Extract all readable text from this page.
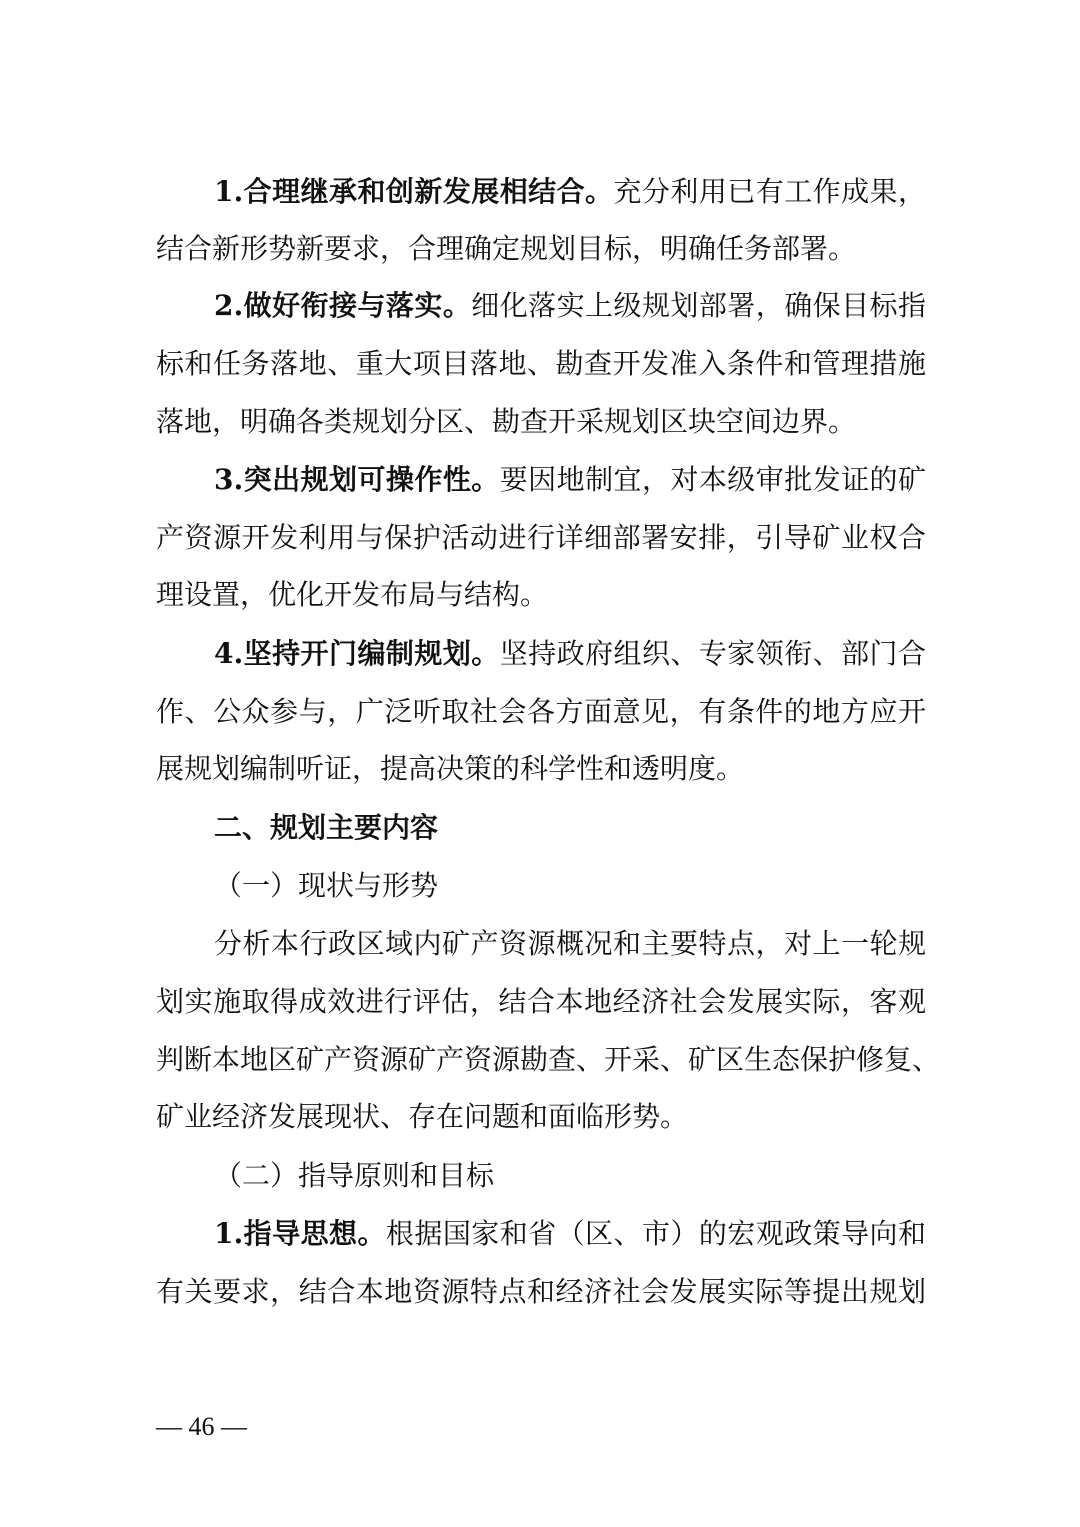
1.合理继承和创新发展相结合。充分利用已有工作成果，
结合新形势新要求，合理确定规划目标，明确任务部署。
2.做好衔接与落实。细化落实上级规划部署，确保目标指
标和任务落地、重大项目落地、勘查开发准入条件和管理措施
落地，明确各类规划分区、勘查开采规划区块空间边界。
3.突出规划可操作性。要因地制宜，对本级审批发证的矿
产资源开发利用与保护活动进行详细部署安排，引导矿业权合
理设置，优化开发布局与结构。
4.坚持开门编制规划。坚持政府组织、专家领衔、部门合
作、公众参与，广泛听取社会各方面意见，有条件的地方应开
展规划编制听证，提高决策的科学性和透明度。
二、规划主要内容
（一）现状与形势
分析本行政区域内矿产资源概况和主要特点，对上一轮规
划实施取得成效进行评估，结合本地经济社会发展实际，客观
判断本地区矿产资源矿产资源勘查、开采、矿区生态保护修复、
矿业经济发展现状、存在问题和面临形势。
（二）指导原则和目标
1.指导思想。根据国家和省（区、市）的宏观政策导向和
有关要求，结合本地资源特点和经济社会发展实际等提出规划
— 46 —
